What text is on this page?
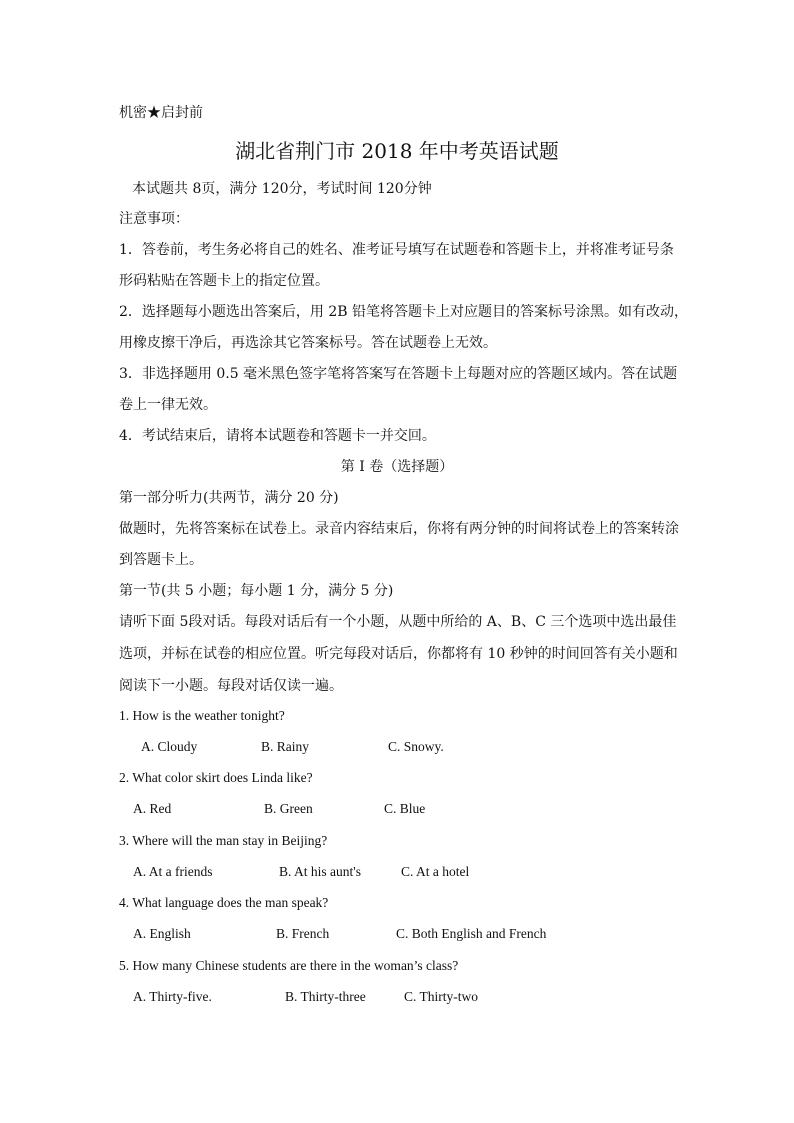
机密★启封前
湖北省荆门市 2018 年中考英语试题
本试题共 8页，满分 120分，考试时间 120分钟
注意事项：
1．答卷前，考生务必将自己的姓名、准考证号填写在试题卷和答题卡上，并将准考证号条
形码粘贴在答题卡上的指定位置。
2．选择题每小题选出答案后，用 2B 铅笔将答题卡上对应题目的答案标号涂黑。如有改动，
用橡皮擦干净后，再选涂其它答案标号。答在试题卷上无效。
3．非选择题用 0.5 毫米黑色签字笔将答案写在答题卡上每题对应的答题区域内。答在试题
卷上一律无效。
4．考试结束后，请将本试题卷和答题卡一并交回。
第 I 卷（选择题）
第一部分听力(共两节，满分 20 分)
做题时，先将答案标在试卷上。录音内容结束后，你将有两分钟的时间将试卷上的答案转涂
到答题卡上。
第一节(共 5 小题；每小题 1 分，满分 5 分)
请听下面 5段对话。每段对话后有一个小题，从题中所给的 A、B、C 三个选项中选出最佳
选项，并标在试卷的相应位置。听完每段对话后，你都将有 10 秒钟的时间回答有关小题和
阅读下一小题。每段对话仅读一遍。
1. How is the weather tonight?
A. Cloudy	B. Rainy	C. Snowy.
2. What color skirt does Linda like?
A. Red	B. Green	C. Blue
3. Where will the man stay in Beijing?
A. At a friends	B. At his aunt's	C. At a hotel
4. What language does the man speak?
A. English	B. French	C. Both English and French
5. How many Chinese students are there in the woman’s class?
A. Thirty-five.	B. Thirty-three	C. Thirty-two
